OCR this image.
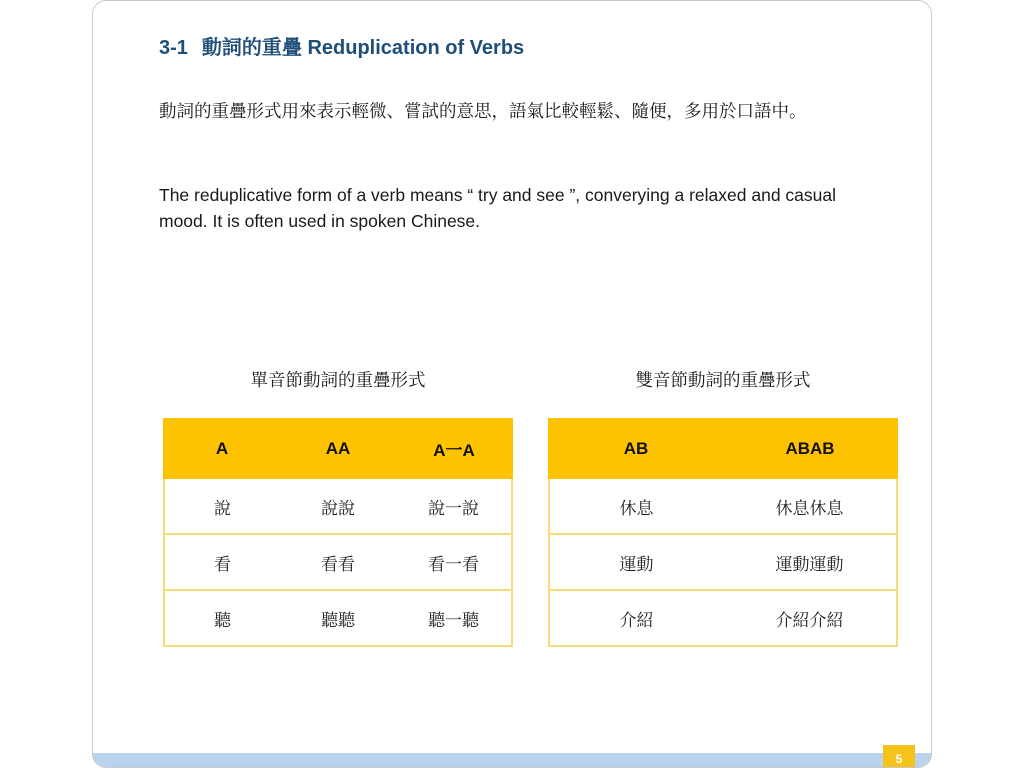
3-1 動詞的重疊 Reduplication of Verbs
動詞的重疊形式用來表示輕微、嘗試的意思，語氣比較輕鬆、隨便，多用於口語中。
The reduplicative form of a verb means “ try and see ”, converying a relaxed and casual mood. It is often used in spoken Chinese.
單音節動詞的重疊形式	雙音節動詞的重疊形式
A	AA	A一A
說	說說	說一說
看	看看	看一看
聽	聽聽	聽一聽
AB	ABAB
休息	休息休息
運動	運動運動
介紹	介紹介紹
5
